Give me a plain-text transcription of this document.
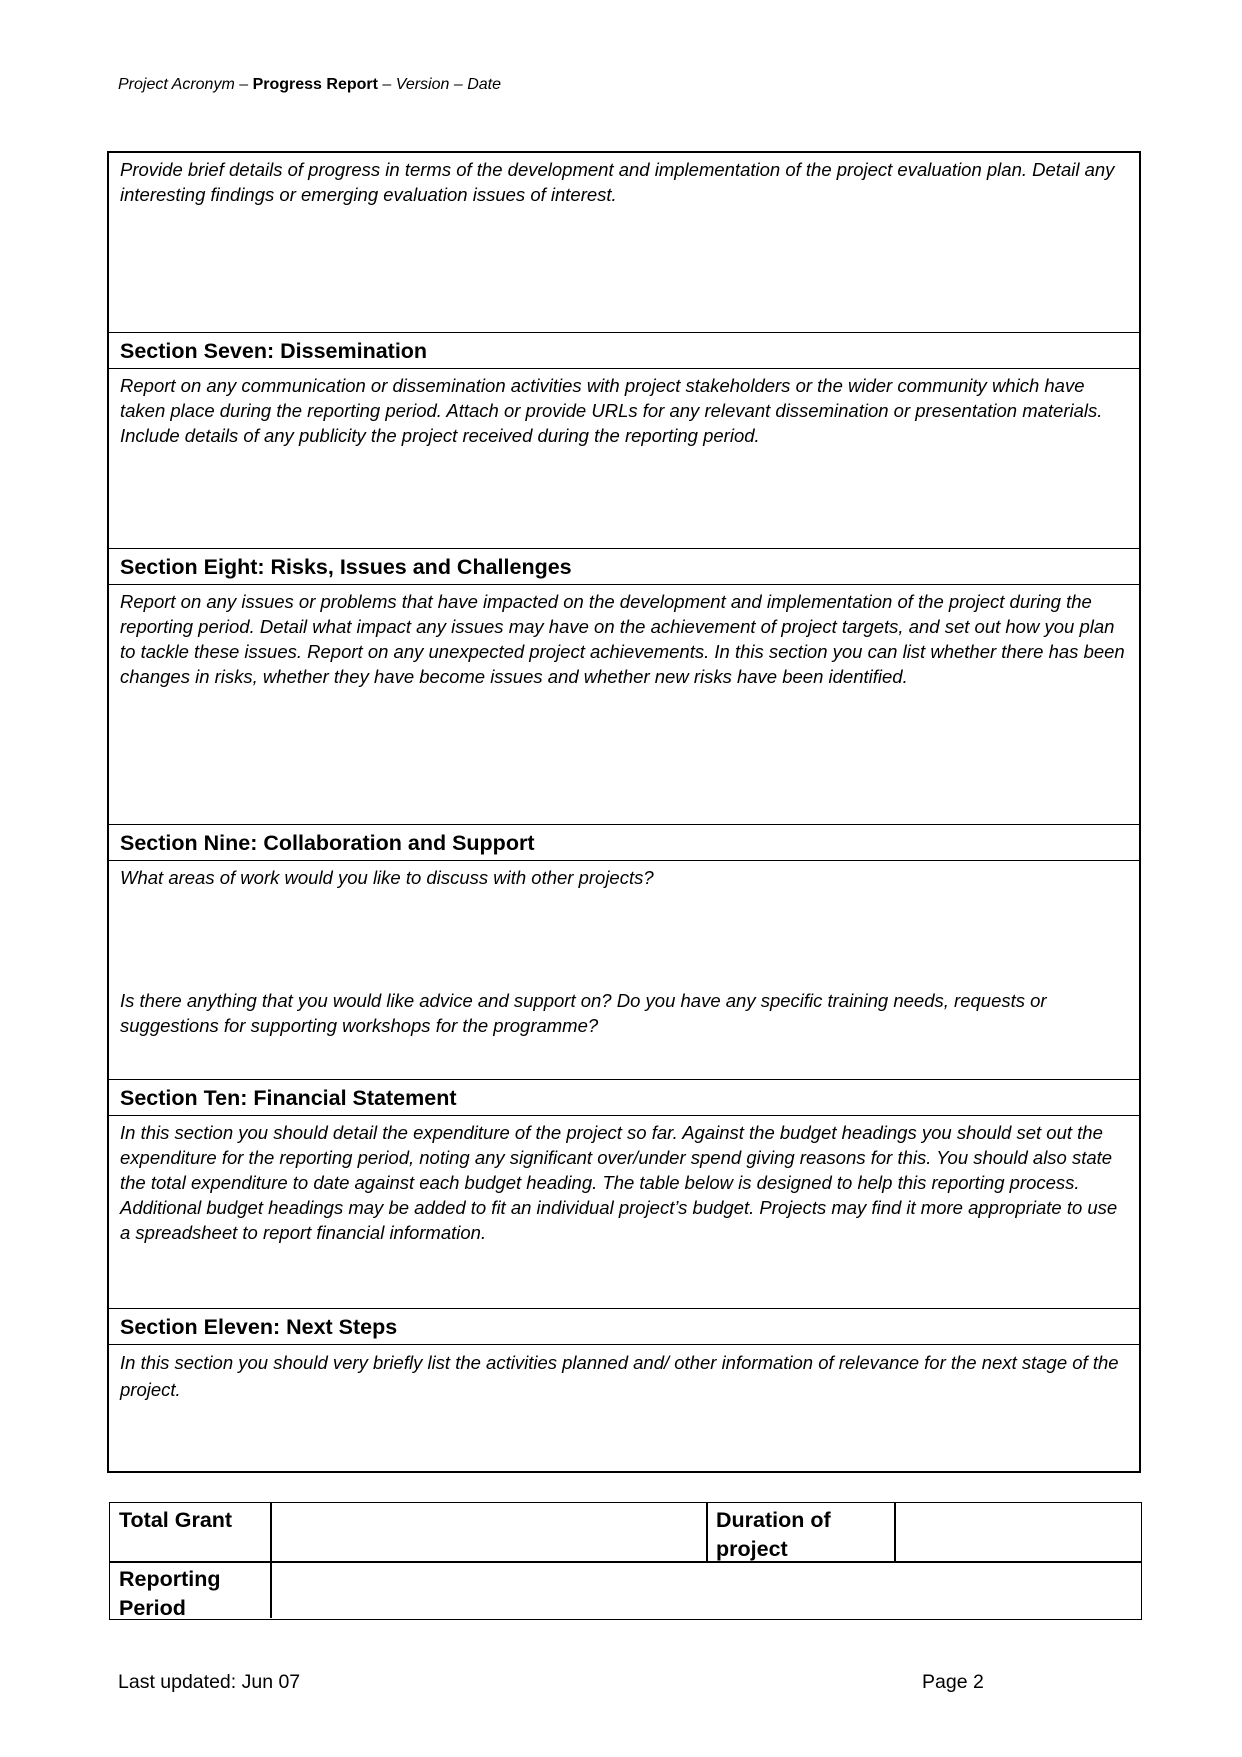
Project Acronym – Progress Report – Version – Date

Provide brief details of progress in terms of the development and implementation of the project evaluation plan. Detail any interesting findings or emerging evaluation issues of interest.

Section Seven: Dissemination

Report on any communication or dissemination activities with project stakeholders or the wider community which have taken place during the reporting period. Attach or provide URLs for any relevant dissemination or presentation materials. Include details of any publicity the project received during the reporting period.

Section Eight: Risks, Issues and Challenges

Report on any issues or problems that have impacted on the development and implementation of the project during the reporting period. Detail what impact any issues may have on the achievement of project targets, and set out how you plan to tackle these issues. Report on any unexpected project achievements. In this section you can list whether there has been changes in risks, whether they have become issues and whether new risks have been identified.

Section Nine: Collaboration and Support

What areas of work would you like to discuss with other projects?

Is there anything that you would like advice and support on? Do you have any specific training needs, requests or suggestions for supporting workshops for the programme?

Section Ten: Financial Statement

In this section you should detail the expenditure of the project so far. Against the budget headings you should set out the expenditure for the reporting period, noting any significant over/under spend giving reasons for this. You should also state the total expenditure to date against each budget heading. The table below is designed to help this reporting process. Additional budget headings may be added to fit an individual project’s budget. Projects may find it more appropriate to use a spreadsheet to report financial information.

Section Eleven: Next Steps

In this section you should very briefly list the activities planned and/ other information of relevance for the next stage of the project.

Total Grant	Duration of project
Reporting Period
Last updated: Jun 07	Page 2
